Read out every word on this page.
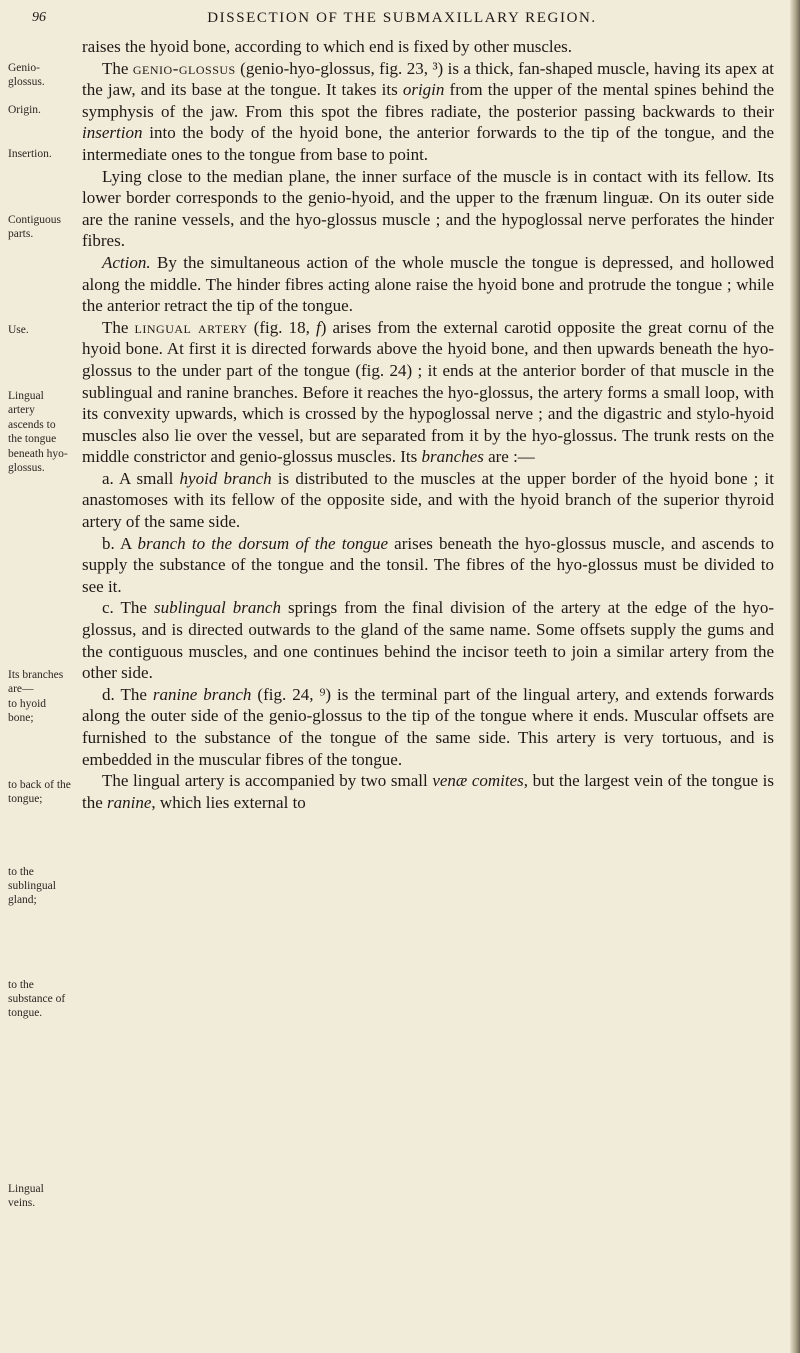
96	DISSECTION OF THE SUBMAXILLARY REGION.
Genio-glossus.
Origin.
Insertion.
Contiguous parts.
Use.
Lingual artery
ascends to the tongue
beneath hyo-glossus.
Its branches are—
to hyoid bone;
to back of the tongue;
to the sublingual gland;
to the substance of tongue.
Lingual veins.

raises the hyoid bone, according to which end is fixed by other muscles.

The genio-glossus (genio-hyo-glossus, fig. 23, ³) is a thick, fan-shaped muscle, having its apex at the jaw, and its base at the tongue. It takes its origin from the upper of the mental spines behind the symphysis of the jaw. From this spot the fibres radiate, the posterior passing backwards to their insertion into the body of the hyoid bone, the anterior forwards to the tip of the tongue, and the intermediate ones to the tongue from base to point.

Lying close to the median plane, the inner surface of the muscle is in contact with its fellow. Its lower border corresponds to the genio-hyoid, and the upper to the frænum linguæ. On its outer side are the ranine vessels, and the hyo-glossus muscle ; and the hypoglossal nerve perforates the hinder fibres.

Action. By the simultaneous action of the whole muscle the tongue is depressed, and hollowed along the middle. The hinder fibres acting alone raise the hyoid bone and protrude the tongue ; while the anterior retract the tip of the tongue.

The lingual artery (fig. 18, f) arises from the external carotid opposite the great cornu of the hyoid bone. At first it is directed forwards above the hyoid bone, and then upwards beneath the hyo-glossus to the under part of the tongue (fig. 24) ; it ends at the anterior border of that muscle in the sublingual and ranine branches. Before it reaches the hyo-glossus, the artery forms a small loop, with its convexity upwards, which is crossed by the hypoglossal nerve ; and the digastric and stylo-hyoid muscles also lie over the vessel, but are separated from it by the hyo-glossus. The trunk rests on the middle constrictor and genio-glossus muscles. Its branches are :—

a. A small hyoid branch is distributed to the muscles at the upper border of the hyoid bone ; it anastomoses with its fellow of the opposite side, and with the hyoid branch of the superior thyroid artery of the same side.

b. A branch to the dorsum of the tongue arises beneath the hyo-glossus muscle, and ascends to supply the substance of the tongue and the tonsil. The fibres of the hyo-glossus must be divided to see it.

c. The sublingual branch springs from the final division of the artery at the edge of the hyo-glossus, and is directed outwards to the gland of the same name. Some offsets supply the gums and the contiguous muscles, and one continues behind the incisor teeth to join a similar artery from the other side.

d. The ranine branch (fig. 24, ⁹) is the terminal part of the lingual artery, and extends forwards along the outer side of the genio-glossus to the tip of the tongue where it ends. Muscular offsets are furnished to the substance of the tongue of the same side. This artery is very tortuous, and is embedded in the muscular fibres of the tongue.

The lingual artery is accompanied by two small venæ comites, but the largest vein of the tongue is the ranine, which lies external to
